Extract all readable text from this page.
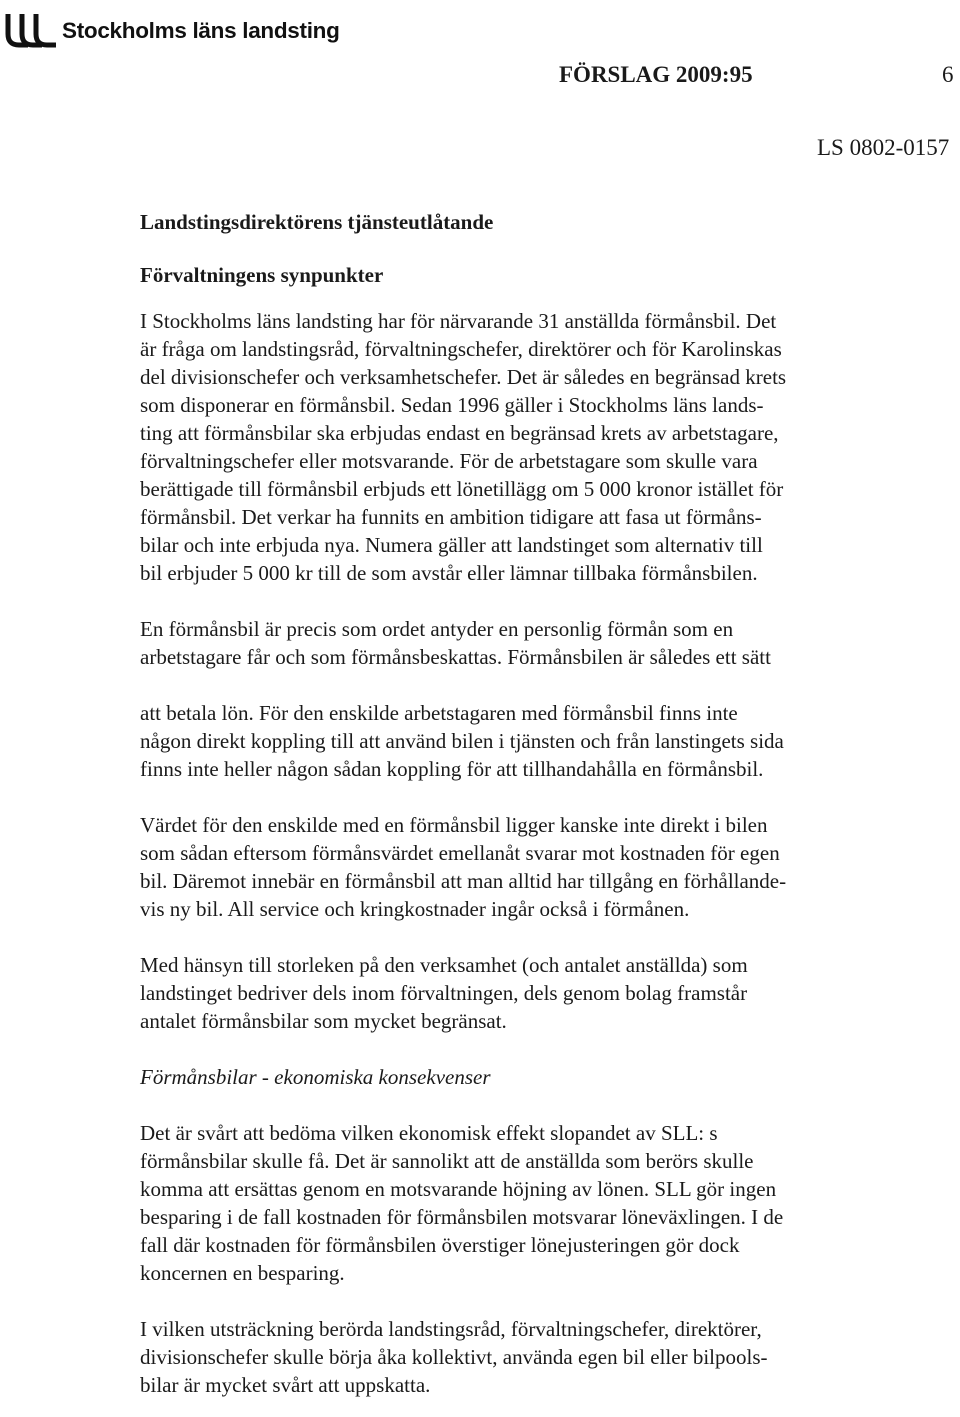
Stockholms läns landsting
FÖRSLAG 2009:95	6
LS 0802-0157

Landstingsdirektörens tjänsteutlåtande

Förvaltningens synpunkter

I Stockholms läns landsting har för närvarande 31 anställda förmånsbil. Det
är fråga om landstingsråd, förvaltningschefer, direktörer och för Karolinskas
del divisionschefer och verksamhetschefer. Det är således en begränsad krets
som disponerar en förmånsbil. Sedan 1996 gäller i Stockholms läns lands-
ting att förmånsbilar ska erbjudas endast en begränsad krets av arbetstagare,
förvaltningschefer eller motsvarande. För de arbetstagare som skulle vara
berättigade till förmånsbil erbjuds ett lönetillägg om 5 000 kronor istället för
förmånsbil. Det verkar ha funnits en ambition tidigare att fasa ut förmåns-
bilar och inte erbjuda nya. Numera gäller att landstinget som alternativ till
bil erbjuder 5 000 kr till de som avstår eller lämnar tillbaka förmånsbilen.

En förmånsbil är precis som ordet antyder en personlig förmån som en
arbetstagare får och som förmånsbeskattas. Förmånsbilen är således ett sätt

att betala lön. För den enskilde arbetstagaren med förmånsbil finns inte
någon direkt koppling till att använd bilen i tjänsten och från lanstingets sida
finns inte heller någon sådan koppling för att tillhandahålla en förmånsbil.

Värdet för den enskilde med en förmånsbil ligger kanske inte direkt i bilen
som sådan eftersom förmånsvärdet emellanåt svarar mot kostnaden för egen
bil. Däremot innebär en förmånsbil att man alltid har tillgång en förhållande-
vis ny bil. All service och kringkostnader ingår också i förmånen.

Med hänsyn till storleken på den verksamhet (och antalet anställda) som
landstinget bedriver dels inom förvaltningen, dels genom bolag framstår
antalet förmånsbilar som mycket begränsat.

Förmånsbilar - ekonomiska konsekvenser

Det är svårt att bedöma vilken ekonomisk effekt slopandet av SLL: s
förmånsbilar skulle få. Det är sannolikt att de anställda som berörs skulle
komma att ersättas genom en motsvarande höjning av lönen. SLL gör ingen
besparing i de fall kostnaden för förmånsbilen motsvarar löneväxlingen. I de
fall där kostnaden för förmånsbilen överstiger lönejusteringen gör dock
koncernen en besparing.

I vilken utsträckning berörda landstingsråd, förvaltningschefer, direktörer,
divisionschefer skulle börja åka kollektivt, använda egen bil eller bilpools-
bilar är mycket svårt att uppskatta.
